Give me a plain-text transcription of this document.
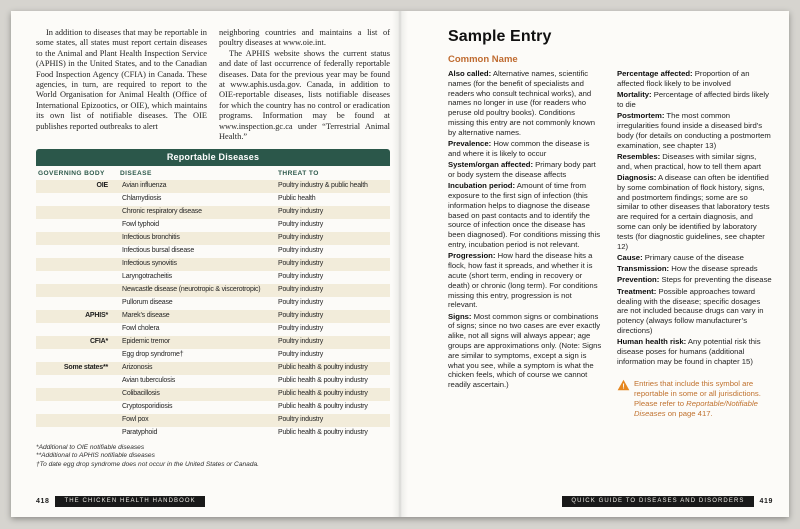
In addition to diseases that may be reportable in some states, all states must report certain diseases to the Animal and Plant Health Inspection Service (APHIS) in the United States, and to the Canadian Food Inspection Agency (CFIA) in Canada. These agencies, in turn, are required to report to the World Organisation for Animal Health (Office of International Epizootics, or OIE), which maintains its own list of notifiable diseases. The OIE publishes reported outbreaks to alert

neighboring countries and maintains a list of poultry diseases at www.oie.int.

The APHIS website shows the current status and date of last occurrence of federally reportable diseases. Data for the previous year may be found at www.aphis.usda.gov. Canada, in addition to OIE-reportable diseases, lists notifiable diseases for which the country has no control or eradication programs. Information may be found at www.inspection.gc.ca under “Terrestrial Animal Health.”

Reportable Diseases
GOVERNING BODY	DISEASE	THREAT TO
OIE	Avian influenza	Poultry industry & public health
Chlamydiosis	Public health
Chronic respiratory disease	Poultry industry
Fowl typhoid	Poultry industry
Infectious bronchitis	Poultry industry
Infectious bursal disease	Poultry industry
Infectious synovitis	Poultry industry
Laryngotracheitis	Poultry industry
Newcastle disease (neurotropic & viscerotropic)	Poultry industry
Pullorum disease	Poultry industry
APHIS*	Marek’s disease	Poultry industry
Fowl cholera	Poultry industry
CFIA*	Epidemic tremor	Poultry industry
Egg drop syndrome†	Poultry industry
Some states**	Arizonosis	Public health & poultry industry
Avian tuberculosis	Public health & poultry industry
Colibacillosis	Public health & poultry industry
Cryptosporidiosis	Public health & poultry industry
Fowl pox	Poultry industry
Paratyphoid	Public health & poultry industry
*Additional to OIE notifiable diseases
**Additional to APHIS notifiable diseases
†To date egg drop syndrome does not occur in the United States or Canada.
418	THE CHICKEN HEALTH HANDBOOK
Sample Entry
Common Name

Also called: Alternative names, scientific names (for the benefit of specialists and readers who consult technical works), and names no longer in use (for readers who peruse old poultry books). Conditions missing this entry are not commonly known by alternative names.

Prevalence: How common the disease is and where it is likely to occur

System/organ affected: Primary body part or body system the disease affects

Incubation period: Amount of time from exposure to the first sign of infection (this information helps to diagnose the disease based on past contacts and to identify the source of infection once the disease has been diagnosed). For conditions missing this entry, incubation period is not relevant.

Progression: How hard the disease hits a flock, how fast it spreads, and whether it is acute (short term, ending in recovery or death) or chronic (long term). For conditions missing this entry, progression is not relevant.

Signs: Most common signs or combinations of signs; since no two cases are ever exactly alike, not all signs will always appear; age groups are approximations only. (Note: Signs are similar to symptoms, except a sign is what you see, while a symptom is what the chicken feels, which of course we cannot readily ascertain.)

Percentage affected: Proportion of an affected flock likely to be involved

Mortality: Percentage of affected birds likely to die

Postmortem: The most common irregularities found inside a diseased bird’s body (for details on conducting a postmortem examination, see chapter 13)

Resembles: Diseases with similar signs, and, when practical, how to tell them apart

Diagnosis: A disease can often be identified by some combination of flock history, signs, and postmortem findings; some are so similar to other diseases that laboratory tests are required for a certain diagnosis, and some can only be identified by laboratory tests (for diagnostic guidelines, see chapter 12)

Cause: Primary cause of the disease

Transmission: How the disease spreads

Prevention: Steps for preventing the disease

Treatment: Possible approaches toward dealing with the disease; specific dosages are not included because drugs can vary in potency (always follow manufacturer’s directions)

Human health risk: Any potential risk this disease poses for humans (additional information may be found in chapter 15)

! Entries that include this symbol are reportable in some or all jurisdictions. Please refer to Reportable/Notifiable Diseases on page 417.
QUICK GUIDE TO DISEASES AND DISORDERS	419
